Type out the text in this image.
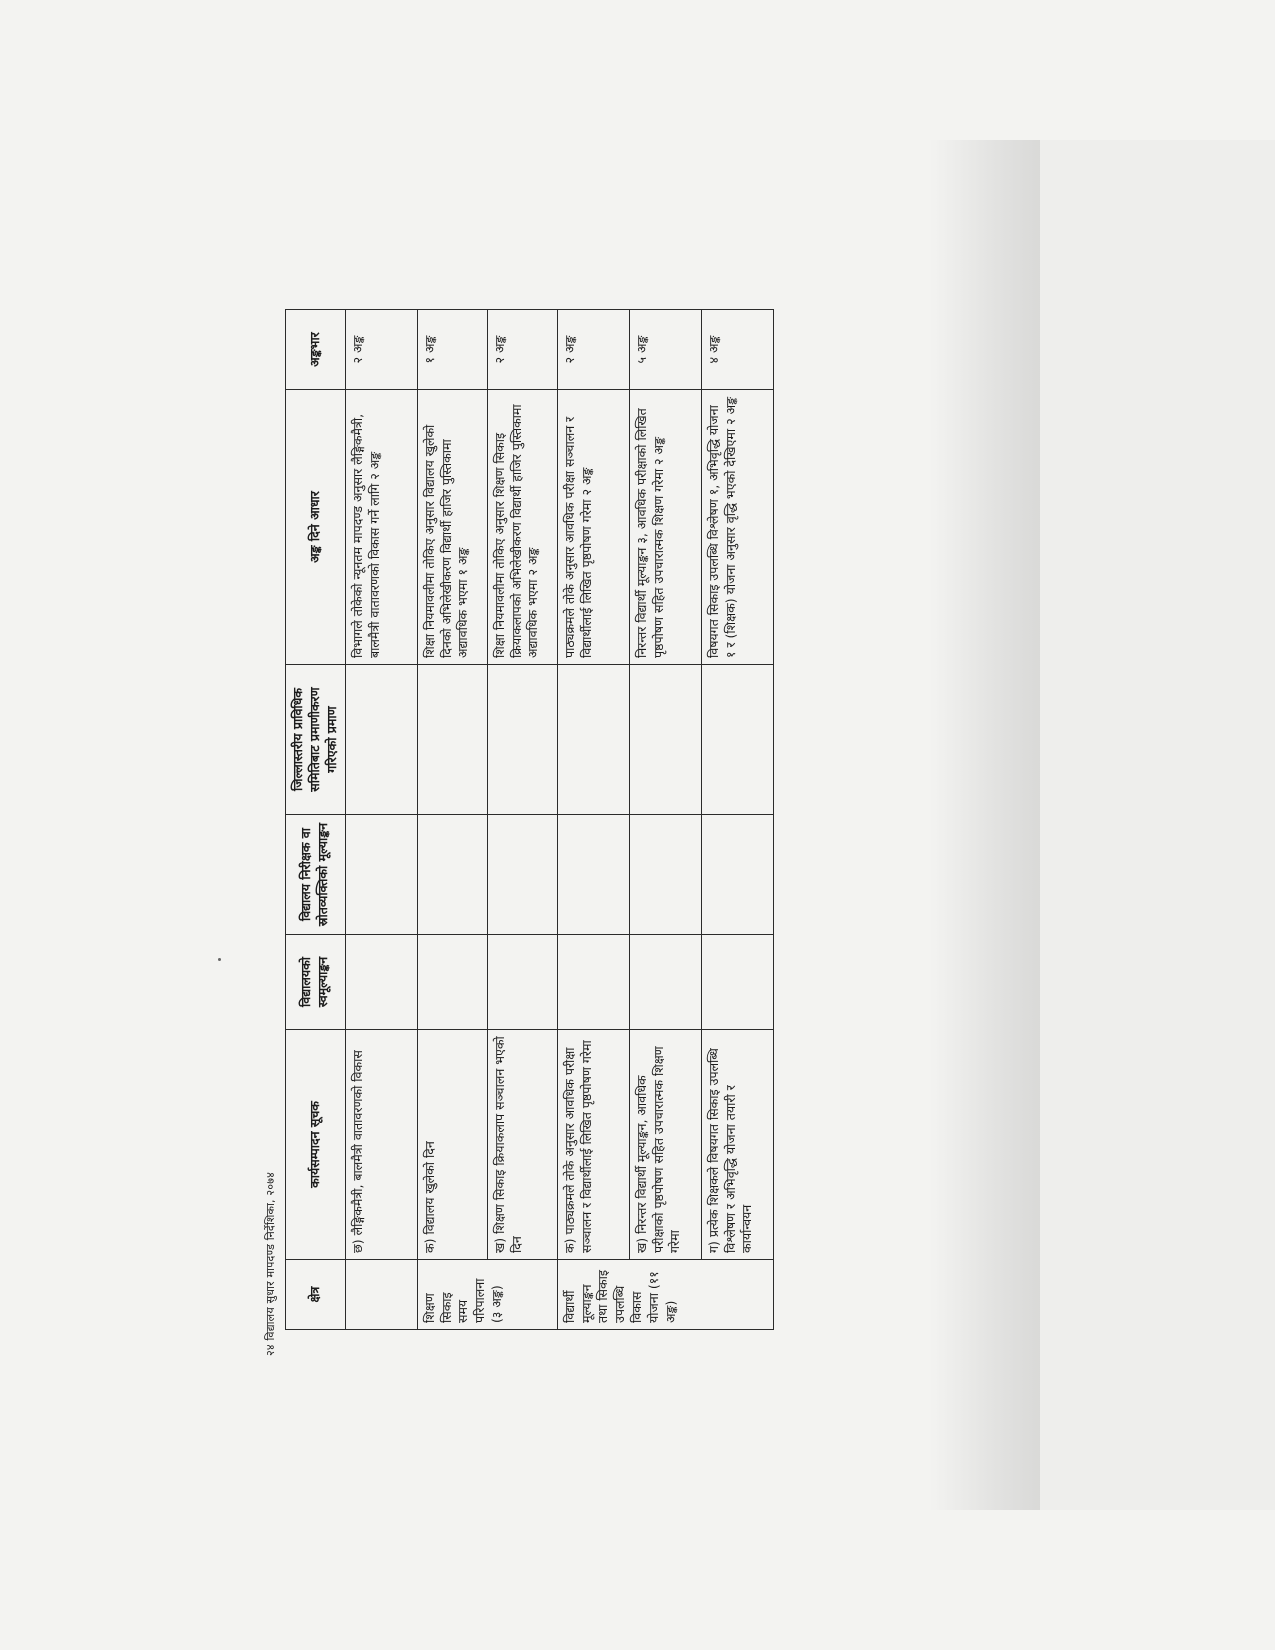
२४ विद्यालय सुधार मापदण्ड निर्देशिका, २०७४	क्षेत्र	कार्यसम्पादन सूचक	विद्यालयको स्वमूल्याङ्कन	विद्यालय निरीक्षक वा स्रोतव्यक्तिको मूल्याङ्कन	जिल्लास्तरीय प्राविधिक समितिबाट प्रमाणीकरण गरिएको प्रमाण	अङ्क दिने आधार	अङ्कभार
	छ) लैङ्गिकमैत्री, बालमैत्री वातावरणको विकास				विभागले तोकेको न्यूनतम मापदण्ड अनुसार लैङ्गिकमैत्री, बालमैत्री वातावरणको विकास गर्ने लागि २ अङ्क	२ अङ्क
शिक्षण सिकाइ समय परिपालना (३ अङ्क)	क) विद्यालय खुलेको दिन				शिक्षा नियमावलीमा तोकिए अनुसार विद्यालय खुलेको दिनको अभिलेखीकरण विद्यार्थी हाजिर पुस्तिकामा अद्यावधिक भएमा १ अङ्क	१ अङ्क
	ख) शिक्षण सिकाइ क्रियाकलाप सञ्चालन भएको दिन				शिक्षा नियमावलीमा तोकिए अनुसार शिक्षण सिकाइ क्रियाकलापको अभिलेखीकरण विद्यार्थी हाजिर पुस्तिकामा अद्यावधिक भएमा २ अङ्क	२ अङ्क
विद्यार्थी मूल्याङ्कन तथा सिकाइ उपलब्धि विकास योजना (११ अङ्क)	क) पाठ्यक्रमले तोके अनुसार आवधिक परीक्षा सञ्चालन र विद्यार्थीलाई लिखित पृष्ठपोषण गरेमा				पाठ्यक्रमले तोके अनुसार आवधिक परीक्षा सञ्चालन र विद्यार्थीलाई लिखित पृष्ठपोषण गरेमा २ अङ्क	२ अङ्क
	ख) निरन्तर विद्यार्थी मूल्याङ्कन, आवधिक परीक्षाको पृष्ठपोषण सहित उपचारात्मक शिक्षण गरेमा				निरन्तर विद्यार्थी मूल्याङ्कन ३, आवधिक परीक्षाको लिखित पृष्ठपोषण सहित उपचारात्मक शिक्षण गरेमा २ अङ्क	५ अङ्क
	ग) प्रत्येक शिक्षकले विषयगत सिकाइ उपलब्धि विश्लेषण र अभिवृद्धि योजना तयारी र कार्यान्वयन				विषयगत सिकाइ उपलब्धि विश्लेषण १, अभिवृद्धि योजना १ र (शिक्षक) योजना अनुसार वृद्धि भएको देखिएमा २ अङ्क	४ अङ्क
